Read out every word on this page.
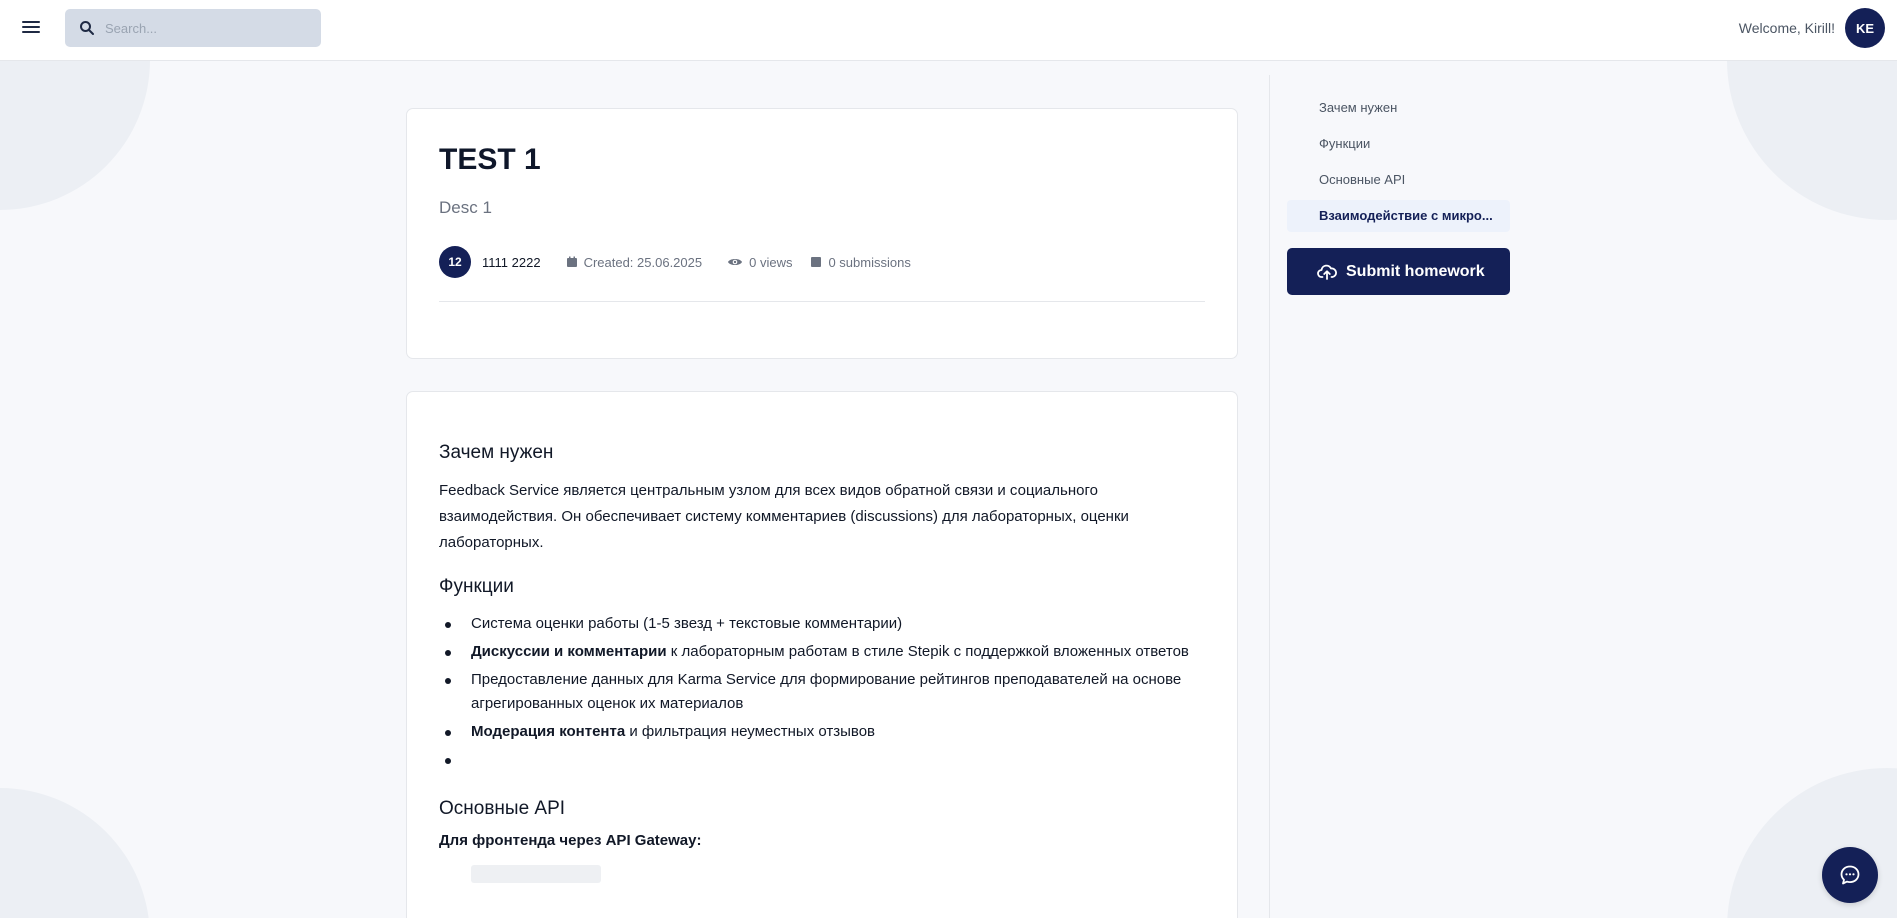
Search...
Welcome, Kirill!	KE
TEST 1
Desc 1
12	1111 2222	Created: 25.06.2025	0 views	0 submissions
Зачем нужен

Feedback Service является центральным узлом для всех видов обратной связи и социального взаимодействия. Он обеспечивает систему комментариев (discussions) для лабораторных, оценки лабораторных.

Функции
Система оценки работы (1-5 звезд + текстовые комментарии)
Дискуссии и комментарии к лабораторным работам в стиле Stepik с поддержкой вложенных ответов
Предоставление данных для Karma Service для формирование рейтингов преподавателей на основе агрегированных оценок их материалов
Модерация контента и фильтрация неуместных отзывов

Основные API
Для фронтенда через API Gateway:
Зачем нужен
Функции
Основные API
Взаимодействие с микро...
Submit homework
